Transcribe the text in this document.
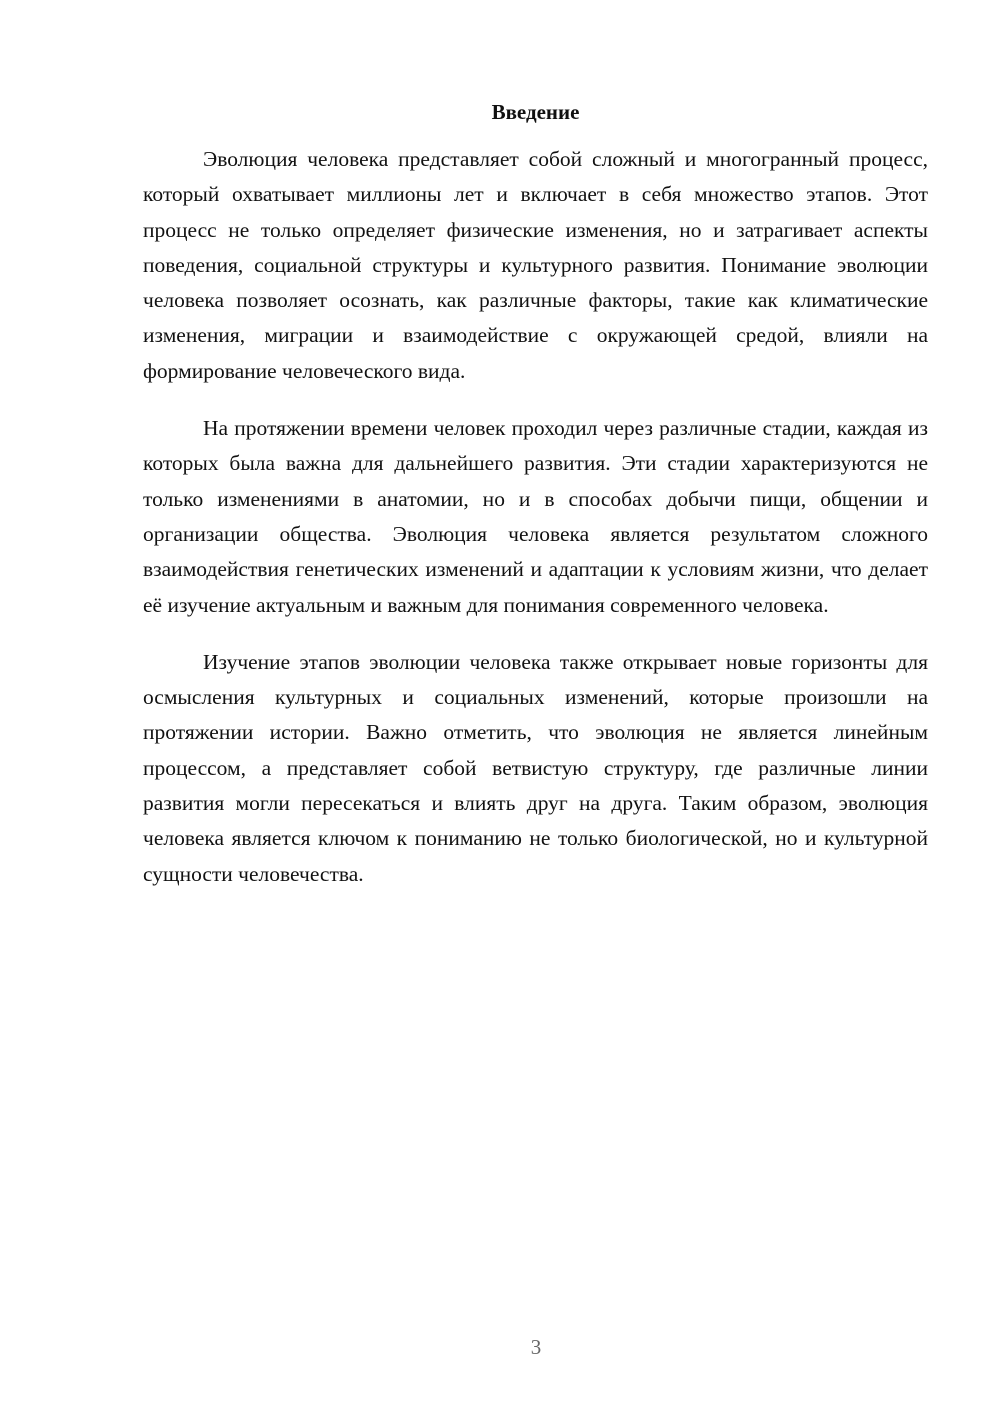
Введение

Эволюция человека представляет собой сложный и многогранный процесс, который охватывает миллионы лет и включает в себя множество этапов. Этот процесс не только определяет физические изменения, но и затрагивает аспекты поведения, социальной структуры и культурного развития. Понимание эволюции человека позволяет осознать, как различные факторы, такие как климатические изменения, миграции и взаимодействие с окружающей средой, влияли на формирование человеческого вида.

На протяжении времени человек проходил через различные стадии, каждая из которых была важна для дальнейшего развития. Эти стадии характеризуются не только изменениями в анатомии, но и в способах добычи пищи, общении и организации общества. Эволюция человека является результатом сложного взаимодействия генетических изменений и адаптации к условиям жизни, что делает её изучение актуальным и важным для понимания современного человека.

Изучение этапов эволюции человека также открывает новые горизонты для осмысления культурных и социальных изменений, которые произошли на протяжении истории. Важно отметить, что эволюция не является линейным процессом, а представляет собой ветвистую структуру, где различные линии развития могли пересекаться и влиять друг на друга. Таким образом, эволюция человека является ключом к пониманию не только биологической, но и культурной сущности человечества.

3
